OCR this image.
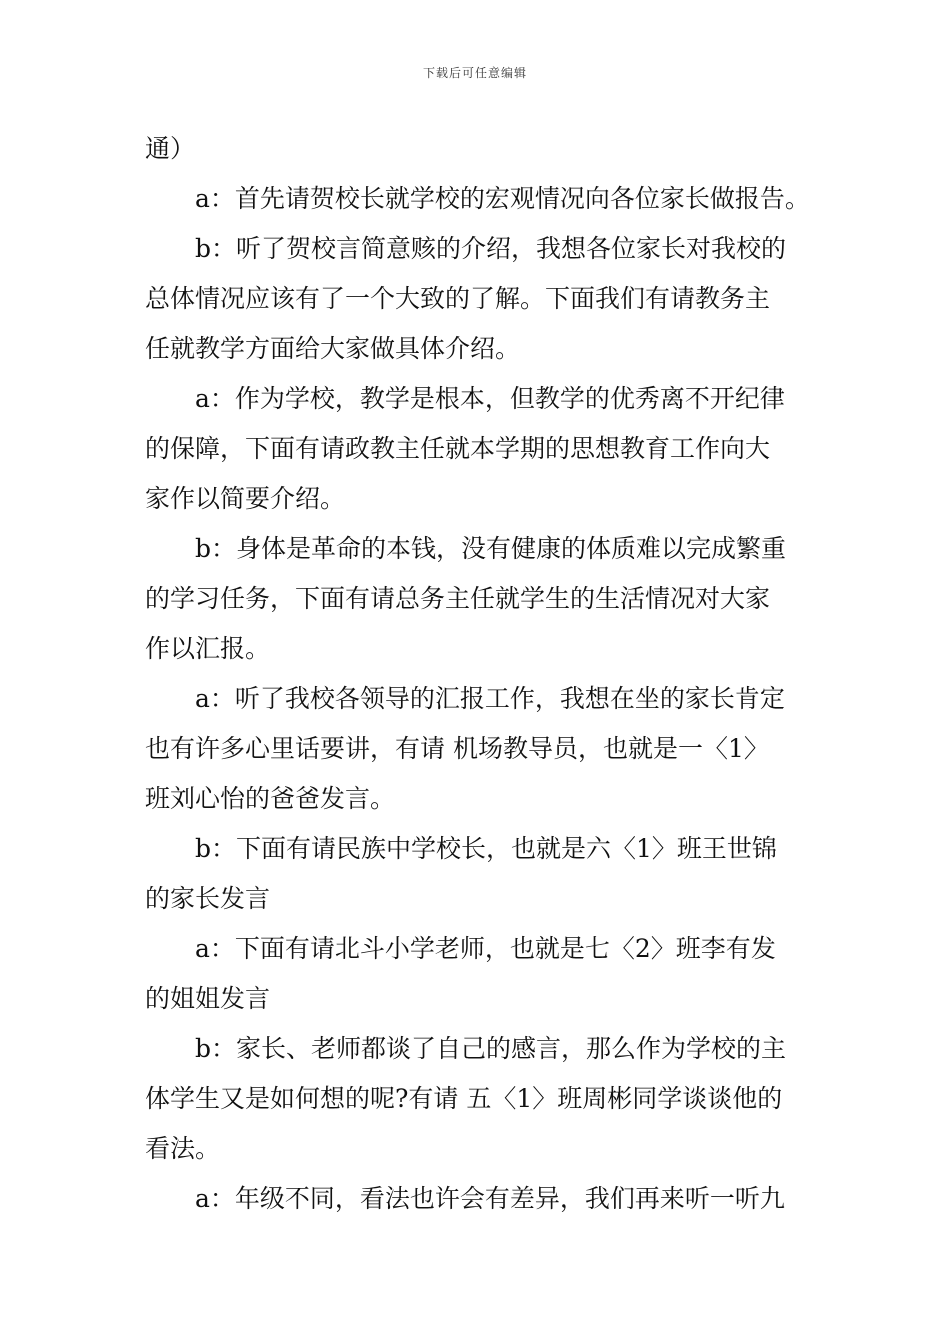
下载后可任意编辑
通）
a：首先请贺校长就学校的宏观情况向各位家长做报告。
b：听了贺校言简意赅的介绍，我想各位家长对我校的
总体情况应该有了一个大致的了解。下面我们有请教务主
任就教学方面给大家做具体介绍。
a：作为学校，教学是根本，但教学的优秀离不开纪律
的保障，下面有请政教主任就本学期的思想教育工作向大
家作以简要介绍。
b：身体是革命的本钱，没有健康的体质难以完成繁重
的学习任务，下面有请总务主任就学生的生活情况对大家
作以汇报。
a：听了我校各领导的汇报工作，我想在坐的家长肯定
也有许多心里话要讲，有请 机场教导员，也就是一〈1〉
班刘心怡的爸爸发言。
b：下面有请民族中学校长，也就是六〈1〉班王世锦
的家长发言
a：下面有请北斗小学老师，也就是七〈2〉班李有发
的姐姐发言
b：家长、老师都谈了自己的感言，那么作为学校的主
体学生又是如何想的呢?有请 五〈1〉班周彬同学谈谈他的
看法。
a：年级不同，看法也许会有差异，我们再来听一听九
